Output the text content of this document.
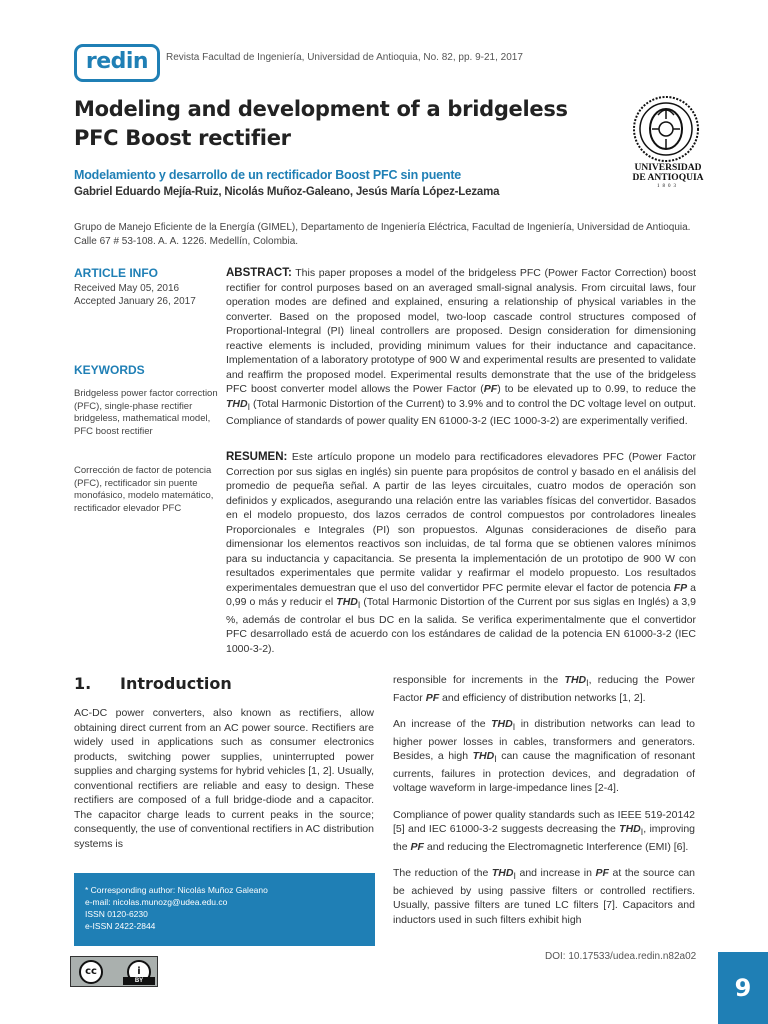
redin	Revista Facultad de Ingeniería, Universidad de Antioquia, No. 82, pp. 9-21, 2017
Modeling and development of a bridgeless PFC Boost rectifier
UNIVERSIDAD
DE ANTIOQUIA
1803
Modelamiento y desarrollo de un rectificador Boost PFC sin puente
Gabriel Eduardo Mejía-Ruiz, Nicolás Muñoz-Galeano, Jesús María López-Lezama
Grupo de Manejo Eficiente de la Energía (GIMEL), Departamento de Ingeniería Eléctrica, Facultad de Ingeniería, Universidad de Antioquia. Calle 67 # 53-108. A. A. 1226. Medellín, Colombia.
ARTICLE INFO
Received May 05, 2016
Accepted January 26, 2017
KEYWORDS
Bridgeless power factor correction (PFC), single-phase rectifier bridgeless, mathematical model, PFC boost rectifier
Corrección de factor de potencia (PFC), rectificador sin puente monofásico, modelo matemático, rectificador elevador PFC
ABSTRACT: This paper proposes a model of the bridgeless PFC (Power Factor Correction) boost rectifier for control purposes based on an averaged small-signal analysis. From circuital laws, four operation modes are defined and explained, ensuring a relationship of physical variables in the converter. Based on the proposed model, two-loop cascade control structures composed of Proportional-Integral (PI) lineal controllers are proposed. Design consideration for dimensioning reactive elements is included, providing minimum values for their inductance and capacitance. Implementation of a laboratory prototype of 900 W and experimental results are presented to validate and reaffirm the proposed model. Experimental results demonstrate that the use of the bridgeless PFC boost converter model allows the Power Factor (PF) to be elevated up to 0.99, to reduce the $THD_I$ (Total Harmonic Distortion of the Current) to 3.9% and to control the DC voltage level on output. Compliance of standards of power quality EN 61000-3-2 (IEC 1000-3-2) are experimentally verified.
RESUMEN: Este artículo propone un modelo para rectificadores elevadores PFC (Power Factor Correction por sus siglas en inglés) sin puente para propósitos de control y basado en el análisis del promedio de pequeña señal. A partir de las leyes circuitales, cuatro modos de operación son definidos y explicados, asegurando una relación entre las variables físicas del convertidor. Basados en el modelo propuesto, dos lazos cerrados de control compuestos por controladores lineales Proporcionales e Integrales (PI) son propuestos. Algunas consideraciones de diseño para dimensionar los elementos reactivos son incluidas, de tal forma que se obtienen valores mínimos para su inductancia y capacitancia. Se presenta la implementación de un prototipo de 900 W con resultados experimentales que permite validar y reafirmar el modelo propuesto. Los resultados experimentales demuestran que el uso del convertidor PFC permite elevar el factor de potencia FP a 0,99 o más y reducir el $THD_I$ (Total Harmonic Distortion of the Current por sus siglas en Inglés) a 3,9 %, además de controlar el bus DC en la salida. Se verifica experimentalmente que el convertidor PFC desarrollado está de acuerdo con los estándares de calidad de la potencia EN 61000-3-2 (IEC 1000-3-2).
1. Introduction
AC-DC power converters, also known as rectifiers, allow obtaining direct current from an AC power source. Rectifiers are widely used in applications such as consumer electronics products, switching power supplies, uninterrupted power supplies and charging systems for hybrid vehicles [1, 2]. Usually, conventional rectifiers are reliable and easy to design. These rectifiers are composed of a full bridge-diode and a capacitor. The capacitor charge leads to current peaks in the source; consequently, the use of conventional rectifiers in AC distribution systems is

responsible for increments in the $THD_I$, reducing the Power Factor PF and efficiency of distribution networks [1, 2].

An increase of the $THD_I$ in distribution networks can lead to higher power losses in cables, transformers and generators. Besides, a high $THD_I$ can cause the magnification of resonant currents, failures in protection devices, and degradation of voltage waveform in large-impedance lines [2-4].

Compliance of power quality standards such as IEEE 519-20142 [5] and IEC 61000-3-2 suggests decreasing the $THD_I$, improving the PF and reducing the Electromagnetic Interference (EMI) [6].

The reduction of the $THD_I$ and increase in PF at the source can be achieved by using passive filters or controlled rectifiers. Usually, passive filters are tuned LC filters [7]. Capacitors and inductors used in such filters exhibit high

* Corresponding author: Nicolás Muñoz Galeano
e-mail: nicolas.munozg@udea.edu.co
ISSN 0120-6230
e-ISSN 2422-2844
cc	i
BY
DOI: 10.17533/udea.redin.n82a02
9
